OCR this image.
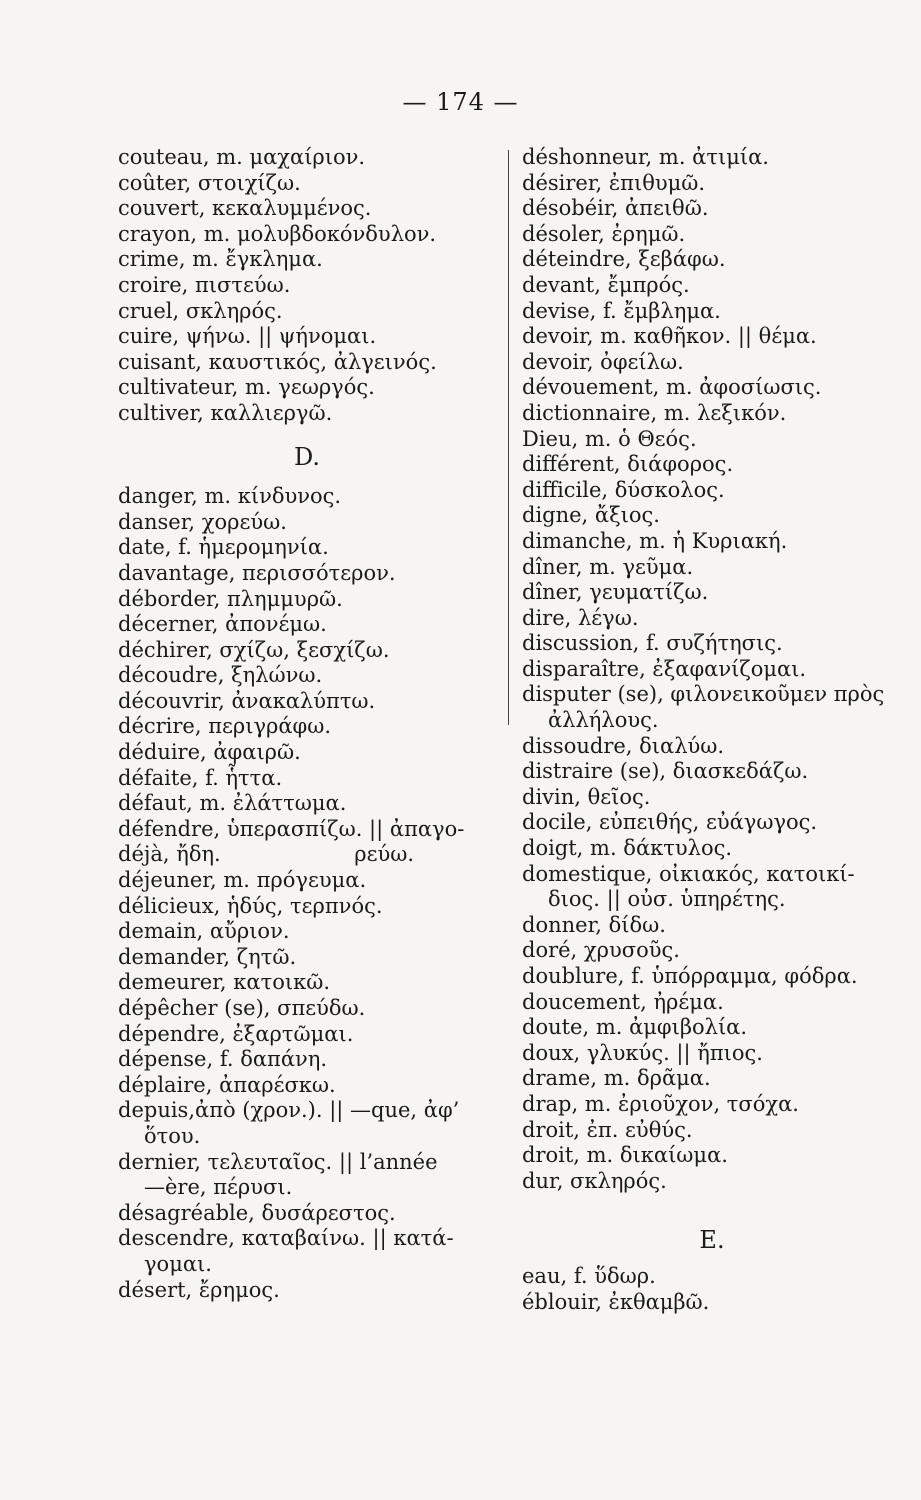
— 174 —
couteau, m. μαχαίριον.
coûter, στοιχίζω.
couvert, κεκαλυμμένος.
crayon, m. μολυβδοκόνδυλον.
crime, m. ἔγκλημα.
croire, πιστεύω.
cruel, σκληρός.
cuire, ψήνω. || ψήνομαι.
cuisant, καυστικός, ἀλγεινός.
cultivateur, m. γεωργός.
cultiver, καλλιεργῶ.
D.
danger, m. κίνδυνος.
danser, χορεύω.
date, f. ἡμερομηνία.
davantage, περισσότερον.
déborder, πλημμυρῶ.
décerner, ἀπονέμω.
déchirer, σχίζω, ξεσχίζω.
découdre, ξηλώνω.
découvrir, ἀνακαλύπτω.
décrire, περιγράφω.
déduire, ἀφαιρῶ.
défaite, f. ἧττα.
défaut, m. ἐλάττωμα.
défendre, ὑπερασπίζω. || ἀπαγο-
déjà, ἤδη.                    ρεύω.
déjeuner, m. πρόγευμα.
délicieux, ἡδύς, τερπνός.
demain, αὔριον.
demander, ζητῶ.
demeurer, κατοικῶ.
dépêcher (se), σπεύδω.
dépendre, ἐξαρτῶμαι.
dépense, f. δαπάνη.
déplaire, ἀπαρέσκω.
depuis,ἀπὸ (χρον.). || —que, ἀφ’
ὅτου.
dernier, τελευταῖος. || l’année
—ère, πέρυσι.
désagréable, δυσάρεστος.
descendre, καταβαίνω. || κατά-
γομαι.
désert, ἔρημος.
déshonneur, m. ἀτιμία.
désirer, ἐπιθυμῶ.
désobéir, ἀπειθῶ.
désoler, ἐρημῶ.
déteindre, ξεβάφω.
devant, ἔμπρός.
devise, f. ἔμβλημα.
devoir, m. καθῆκον. || θέμα.
devoir, ὀφείλω.
dévouement, m. ἀφοσίωσις.
dictionnaire, m. λεξικόν.
Dieu, m. ὁ Θεός.
différent, διάφορος.
difficile, δύσκολος.
digne, ἄξιος.
dimanche, m. ἡ Κυριακή.
dîner, m. γεῦμα.
dîner, γευματίζω.
dire, λέγω.
discussion, f. συζήτησις.
disparaître, ἐξαφανίζομαι.
disputer (se), φιλονεικοῦμεν πρὸς
ἀλλήλους.
dissoudre, διαλύω.
distraire (se), διασκεδάζω.
divin, θεῖος.
docile, εὐπειθής, εὐάγωγος.
doigt, m. δάκτυλος.
domestique, οἰκιακός, κατοικί-
διος. || οὐσ. ὑπηρέτης.
donner, δίδω.
doré, χρυσοῦς.
doublure, f. ὑπόρραμμα, φόδρα.
doucement, ἠρέμα.
doute, m. ἀμφιβολία.
doux, γλυκύς. || ἤπιος.
drame, m. δρᾶμα.
drap, m. ἐριοῦχον, τσόχα.
droit, ἐπ. εὐθύς.
droit, m. δικαίωμα.
dur, σκληρός.
E.
eau, f. ὕδωρ.
éblouir, ἐκθαμβῶ.
